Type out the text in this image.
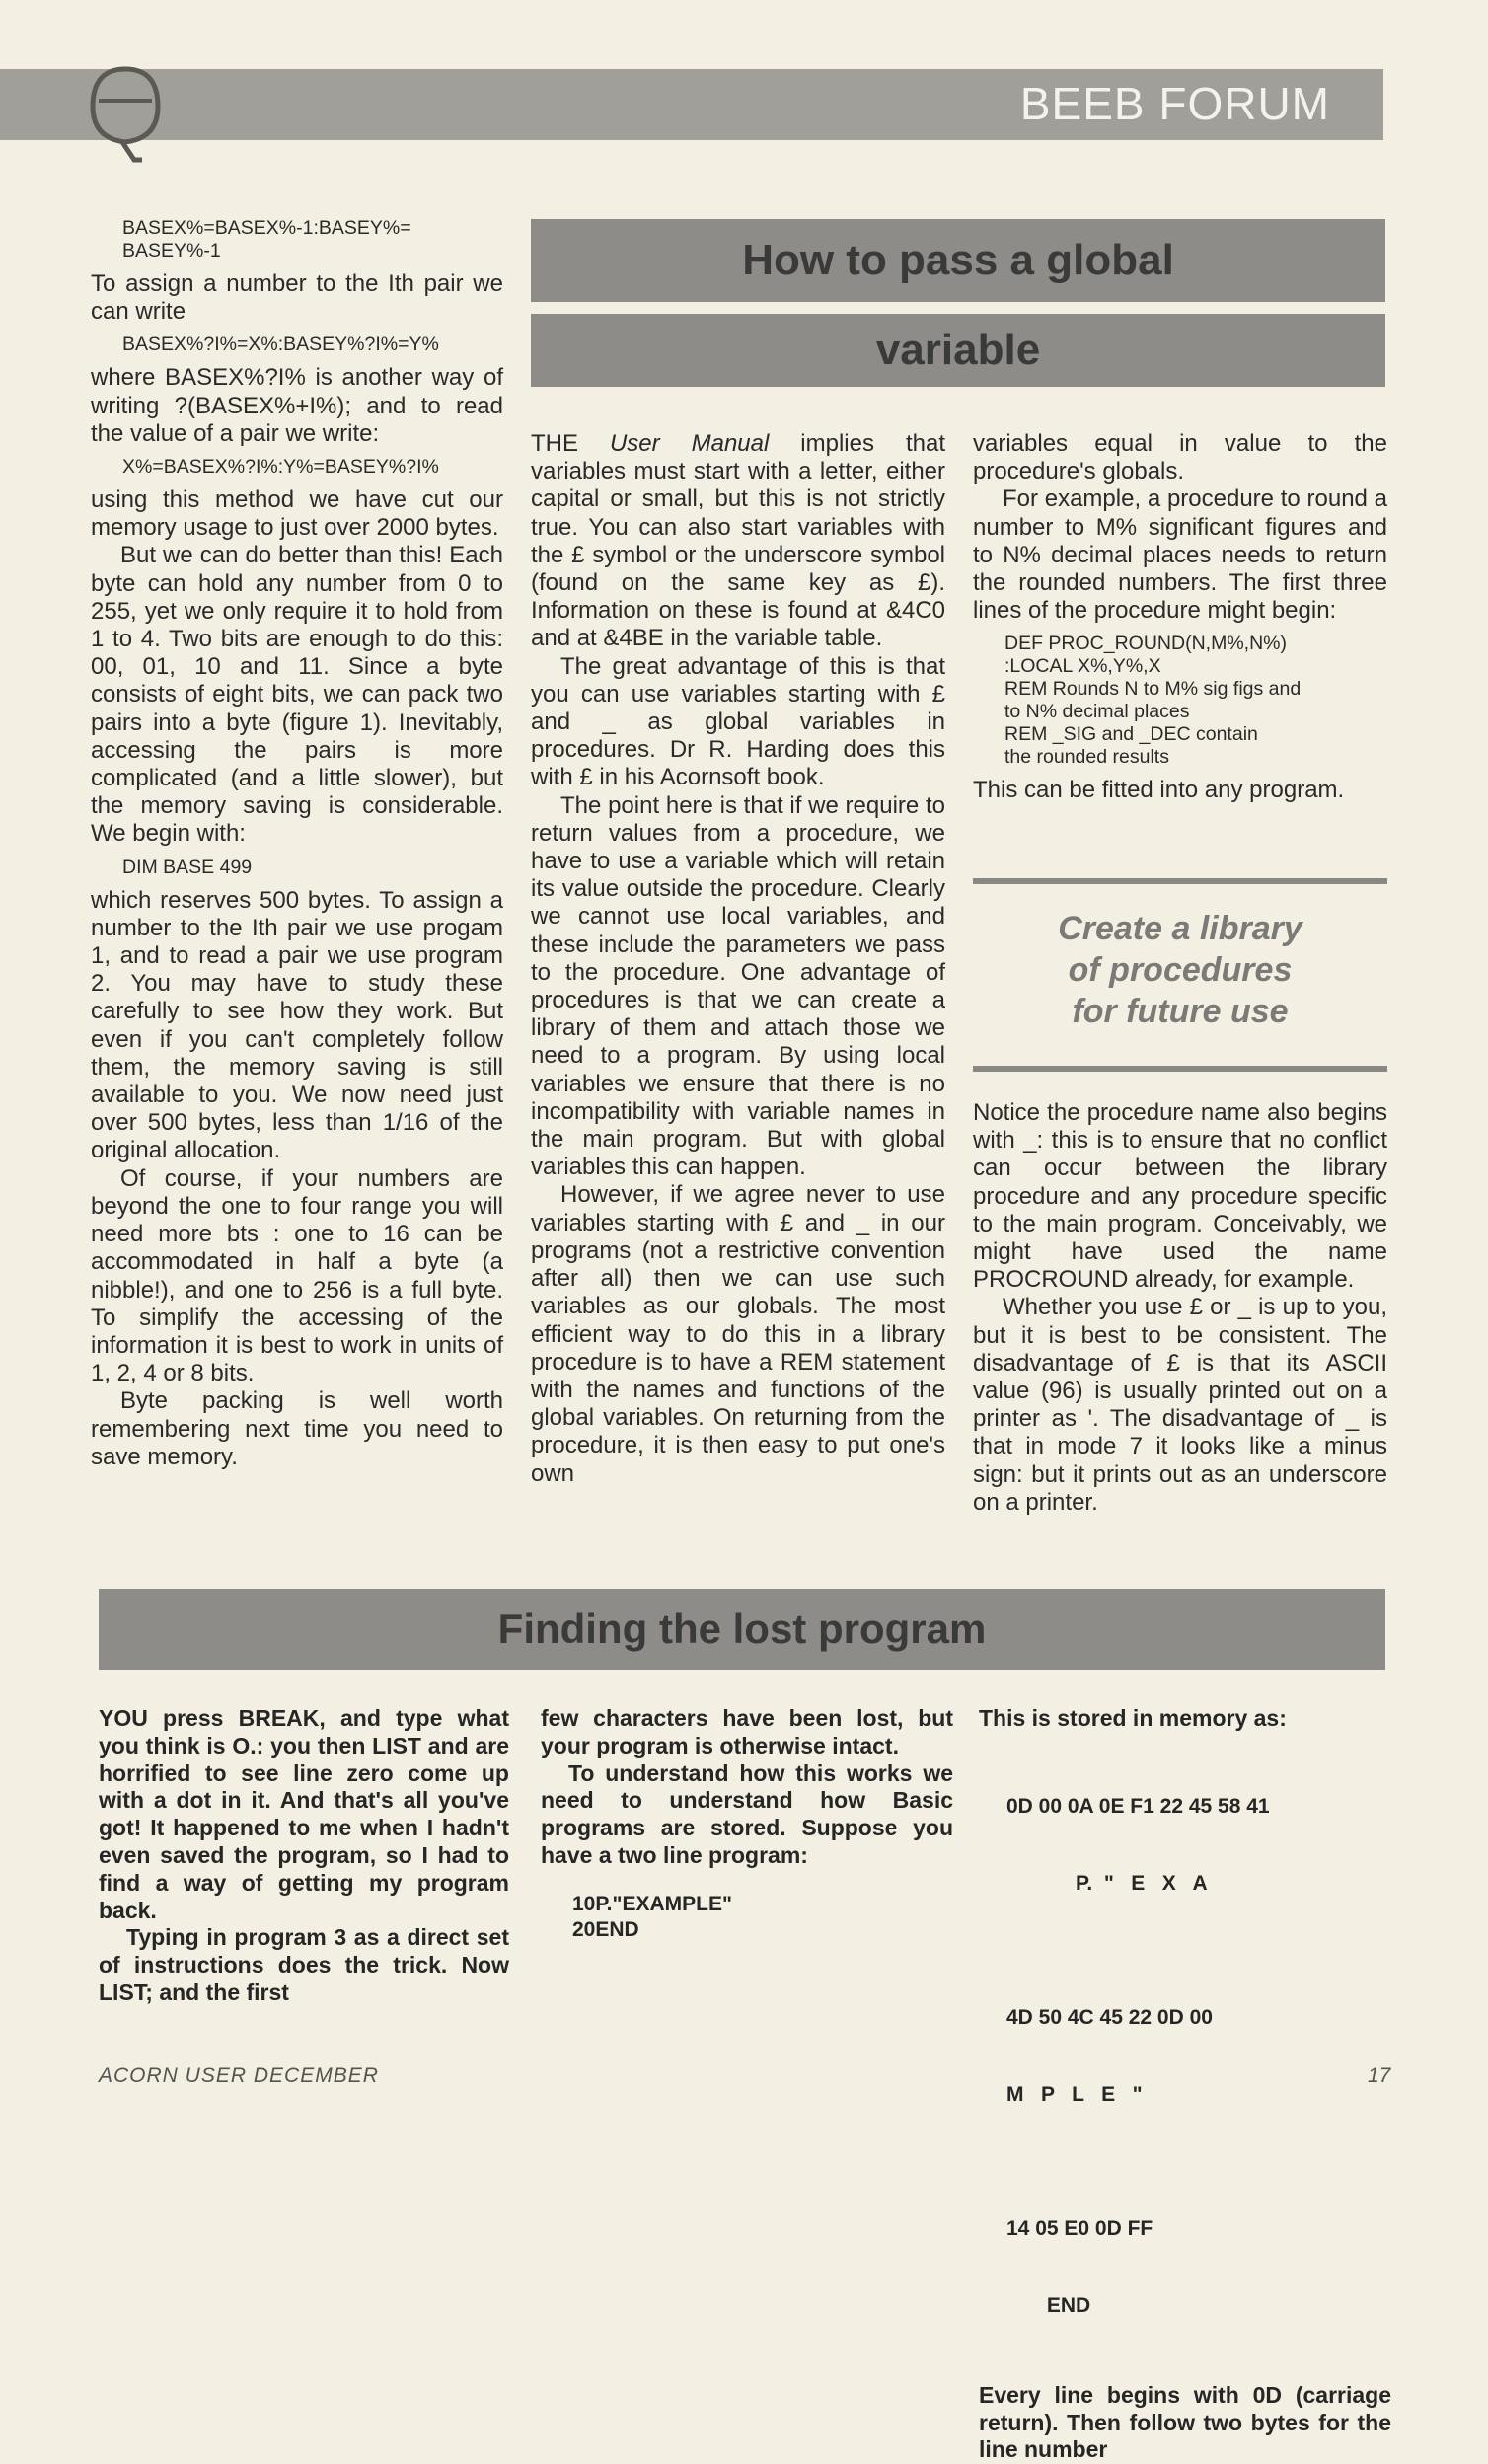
BEEB FORUM

BASEX%=BASEX%-1:BASEY%= BASEY%-1

To assign a number to the Ith pair we can write

BASEX%?I%=X%:BASEY%?I%=Y%

where BASEX%?I% is another way of writing ?(BASEX%+I%); and to read the value of a pair we write:

X%=BASEX%?I%:Y%=BASEY%?I%

using this method we have cut our memory usage to just over 2000 bytes.

But we can do better than this! Each byte can hold any number from 0 to 255, yet we only require it to hold from 1 to 4. Two bits are enough to do this: 00, 01, 10 and 11. Since a byte consists of eight bits, we can pack two pairs into a byte (figure 1). Inevitably, accessing the pairs is more complicated (and a little slower), but the memory saving is considerable. We begin with:

DIM BASE 499

which reserves 500 bytes. To assign a number to the Ith pair we use progam 1, and to read a pair we use program 2. You may have to study these carefully to see how they work. But even if you can't completely follow them, the memory saving is still available to you. We now need just over 500 bytes, less than 1/16 of the original allocation.

Of course, if your numbers are beyond the one to four range you will need more bts : one to 16 can be accommodated in half a byte (a nibble!), and one to 256 is a full byte. To simplify the accessing of the information it is best to work in units of 1, 2, 4 or 8 bits.

Byte packing is well worth remembering next time you need to save memory.

How to pass a global
variable

THE User Manual implies that variables must start with a letter, either capital or small, but this is not strictly true. You can also start variables with the £ symbol or the underscore symbol (found on the same key as £). Information on these is found at &4C0 and at &4BE in the variable table.

The great advantage of this is that you can use variables starting with £ and _ as global variables in procedures. Dr R. Harding does this with £ in his Acornsoft book.

The point here is that if we require to return values from a procedure, we have to use a variable which will retain its value outside the procedure. Clearly we cannot use local variables, and these include the parameters we pass to the procedure. One advantage of procedures is that we can create a library of them and attach those we need to a program. By using local variables we ensure that there is no incompatibility with variable names in the main program. But with global variables this can happen.

However, if we agree never to use variables starting with £ and _ in our programs (not a restrictive convention after all) then we can use such variables as our globals. The most efficient way to do this in a library procedure is to have a REM statement with the names and functions of the global variables. On returning from the procedure, it is then easy to put one's own

variables equal in value to the procedure's globals.

For example, a procedure to round a number to M% significant figures and to N% decimal places needs to return the rounded numbers. The first three lines of the procedure might begin:

DEF PROC_ROUND(N,M%,N%)
:LOCAL X%,Y%,X
REM Rounds N to M% sig figs and
to N% decimal places
REM _SIG and _DEC contain
the rounded results

This can be fitted into any program.

Create a library
of procedures
for future use

Notice the procedure name also begins with _: this is to ensure that no conflict can occur between the library procedure and any procedure specific to the main program. Conceivably, we might have used the name PROCROUND already, for example.

Whether you use £ or _ is up to you, but it is best to be consistent. The disadvantage of £ is that its ASCII value (96) is usually printed out on a printer as '. The disadvantage of _ is that in mode 7 it looks like a minus sign: but it prints out as an underscore on a printer.

Finding the lost program

YOU press BREAK, and type what you think is O.: you then LIST and are horrified to see line zero come up with a dot in it. And that's all you've got! It happened to me when I hadn't even saved the program, so I had to find a way of getting my program back.

Typing in program 3 as a direct set of instructions does the trick. Now LIST; and the first

few characters have been lost, but your program is otherwise intact.

To understand how this works we need to understand how Basic programs are stored. Suppose you have a two line program:

10P."EXAMPLE"
20END

This is stored in memory as:

0D 00 0A 0E F1 22 45 58 41

P.  "   E   X   A

4D 50 4C 45 22 0D 00

M   P   L   E   "

14 05 E0 0D FF

END

Every line begins with 0D (carriage return). Then follow two bytes for the line number

ACORN USER DECEMBER	17
